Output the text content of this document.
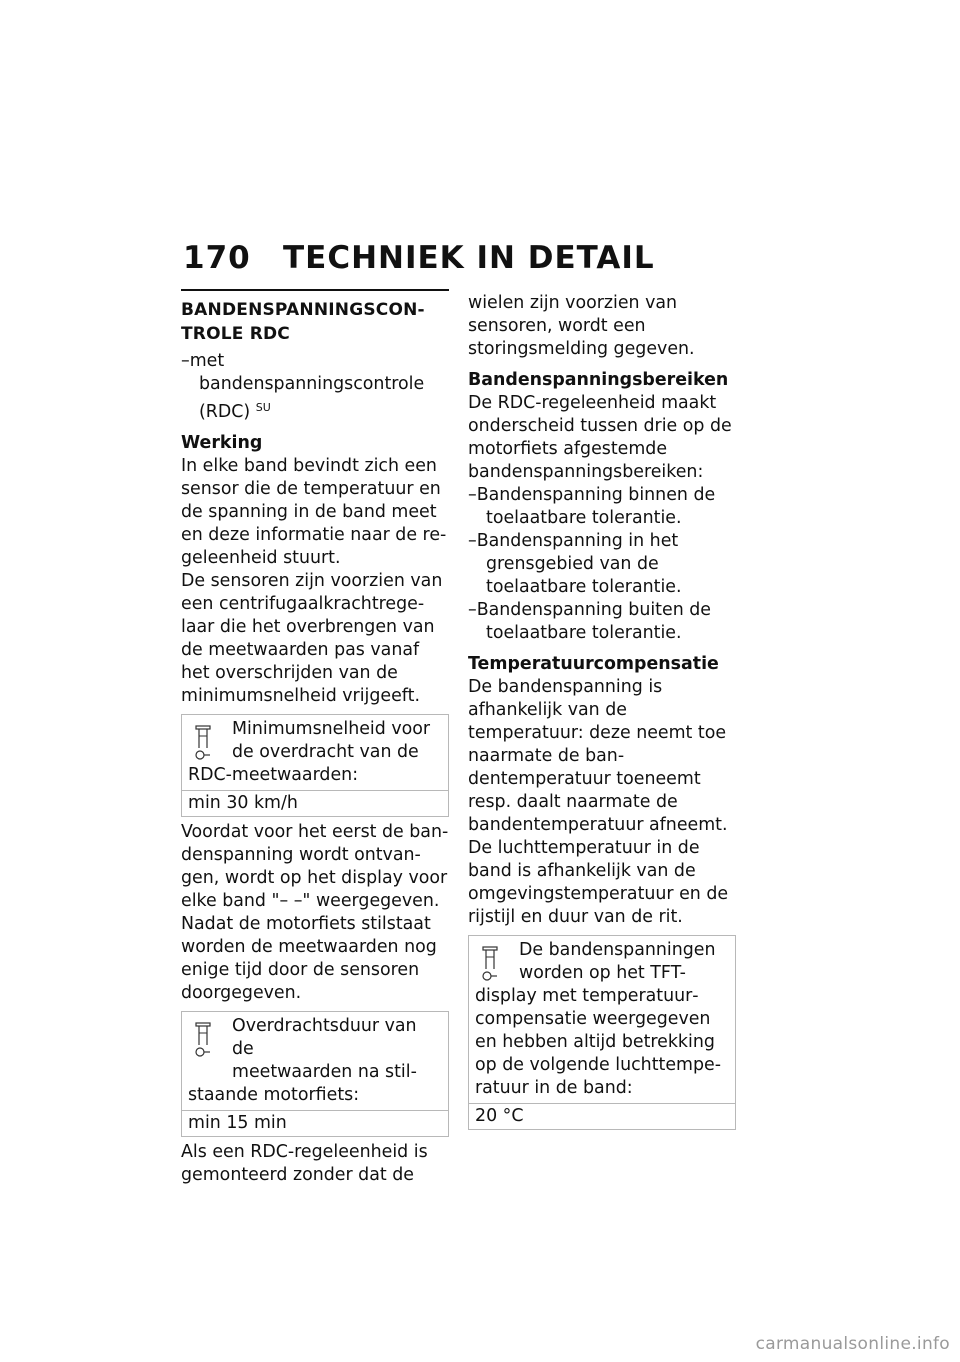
170	TECHNIEK IN DETAIL
BANDENSPANNINGSCON-
TROLE RDC

–met bandenspanningscontrole (RDC) $^{SU}$

Werking

In elke band bevindt zich een sensor die de temperatuur en de spanning in de band meet en deze informatie naar de regeleenheid stuurt.

De sensoren zijn voorzien van een centrifugaalkrachtregelaar die het overbrengen van de meetwaarden pas vanaf het overschrijden van de minimumsnelheid vrijgeeft.

Minimumsnelheid voor
de overdracht van de
RDC-meetwaarden:
min 30 km/h

Voordat voor het eerst de bandenspanning wordt ontvangen, wordt op het display voor elke band "– –" weergegeven. Nadat de motorfiets stilstaat worden de meetwaarden nog enige tijd door de sensoren doorgegeven.

Overdrachtsduur van de
meetwaarden na stil-
staande motorfiets:
min 15 min

Als een RDC-regeleenheid is gemonteerd zonder dat de

wielen zijn voorzien van sensoren, wordt een storingsmelding gegeven.

Bandenspanningsbereiken

De RDC-regeleenheid maakt onderscheid tussen drie op de motorfiets afgestemde bandenspanningsbereiken:

–Bandenspanning binnen de toelaatbare tolerantie.

–Bandenspanning in het grensgebied van de toelaatbare tolerantie.

–Bandenspanning buiten de toelaatbare tolerantie.

Temperatuurcompensatie

De bandenspanning is afhankelijk van de temperatuur: deze neemt toe naarmate de bandentemperatuur toeneemt resp. daalt naarmate de bandentemperatuur afneemt. De luchttemperatuur in de band is afhankelijk van de omgevingstemperatuur en de rijstijl en duur van de rit.

De bandenspanningen
worden op het TFT-
display met temperatuurcompensatie weergegeven en hebben altijd betrekking op de volgende luchttemperatuur in de band:
20 °C
carmanualsonline.info
